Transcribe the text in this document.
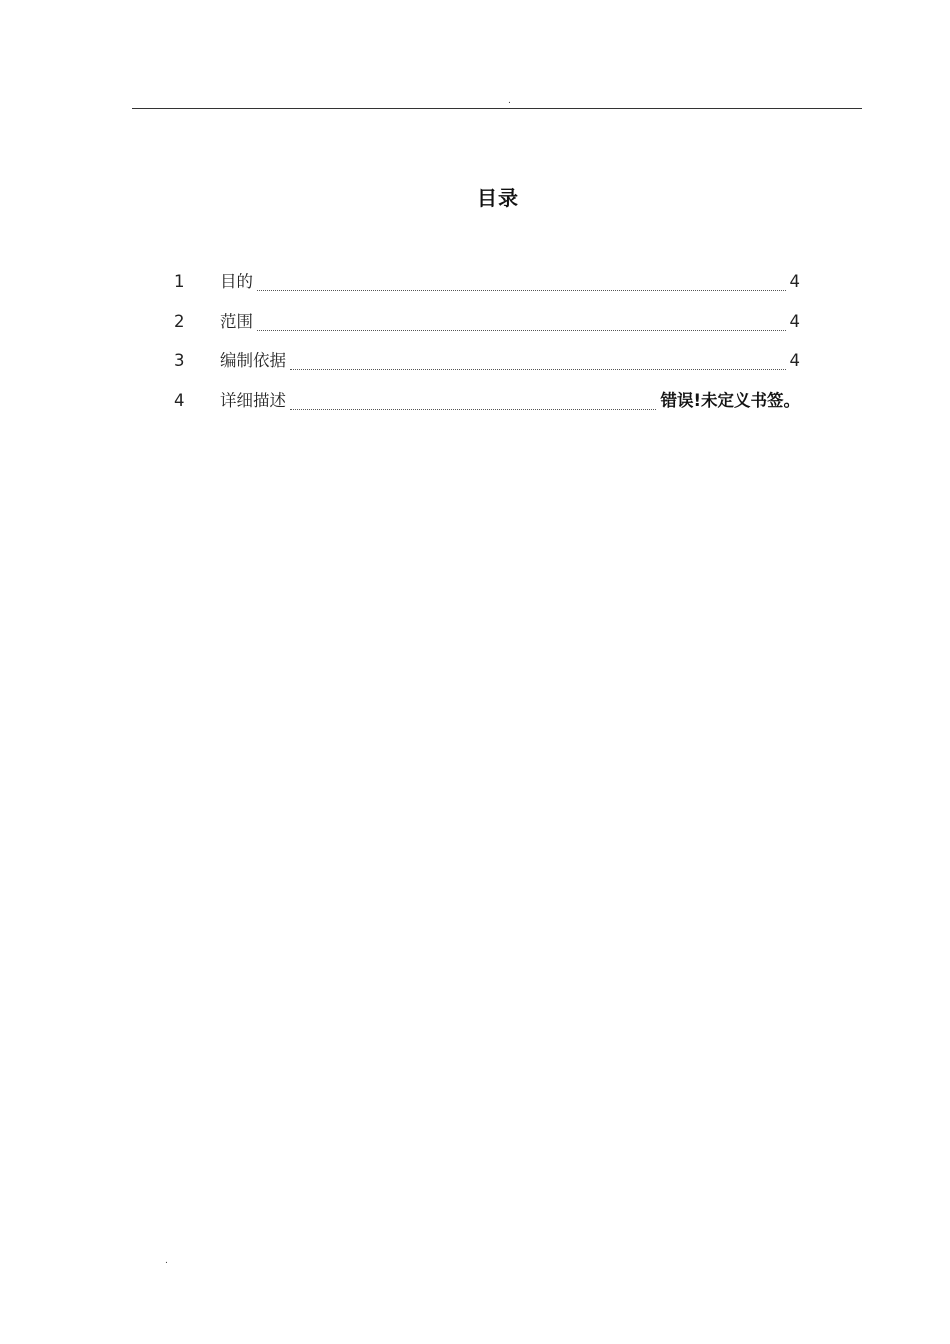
.
目录
1	目的	4
2	范围	4
3	编制依据	4
4	详细描述	错误!未定义书签。
.
